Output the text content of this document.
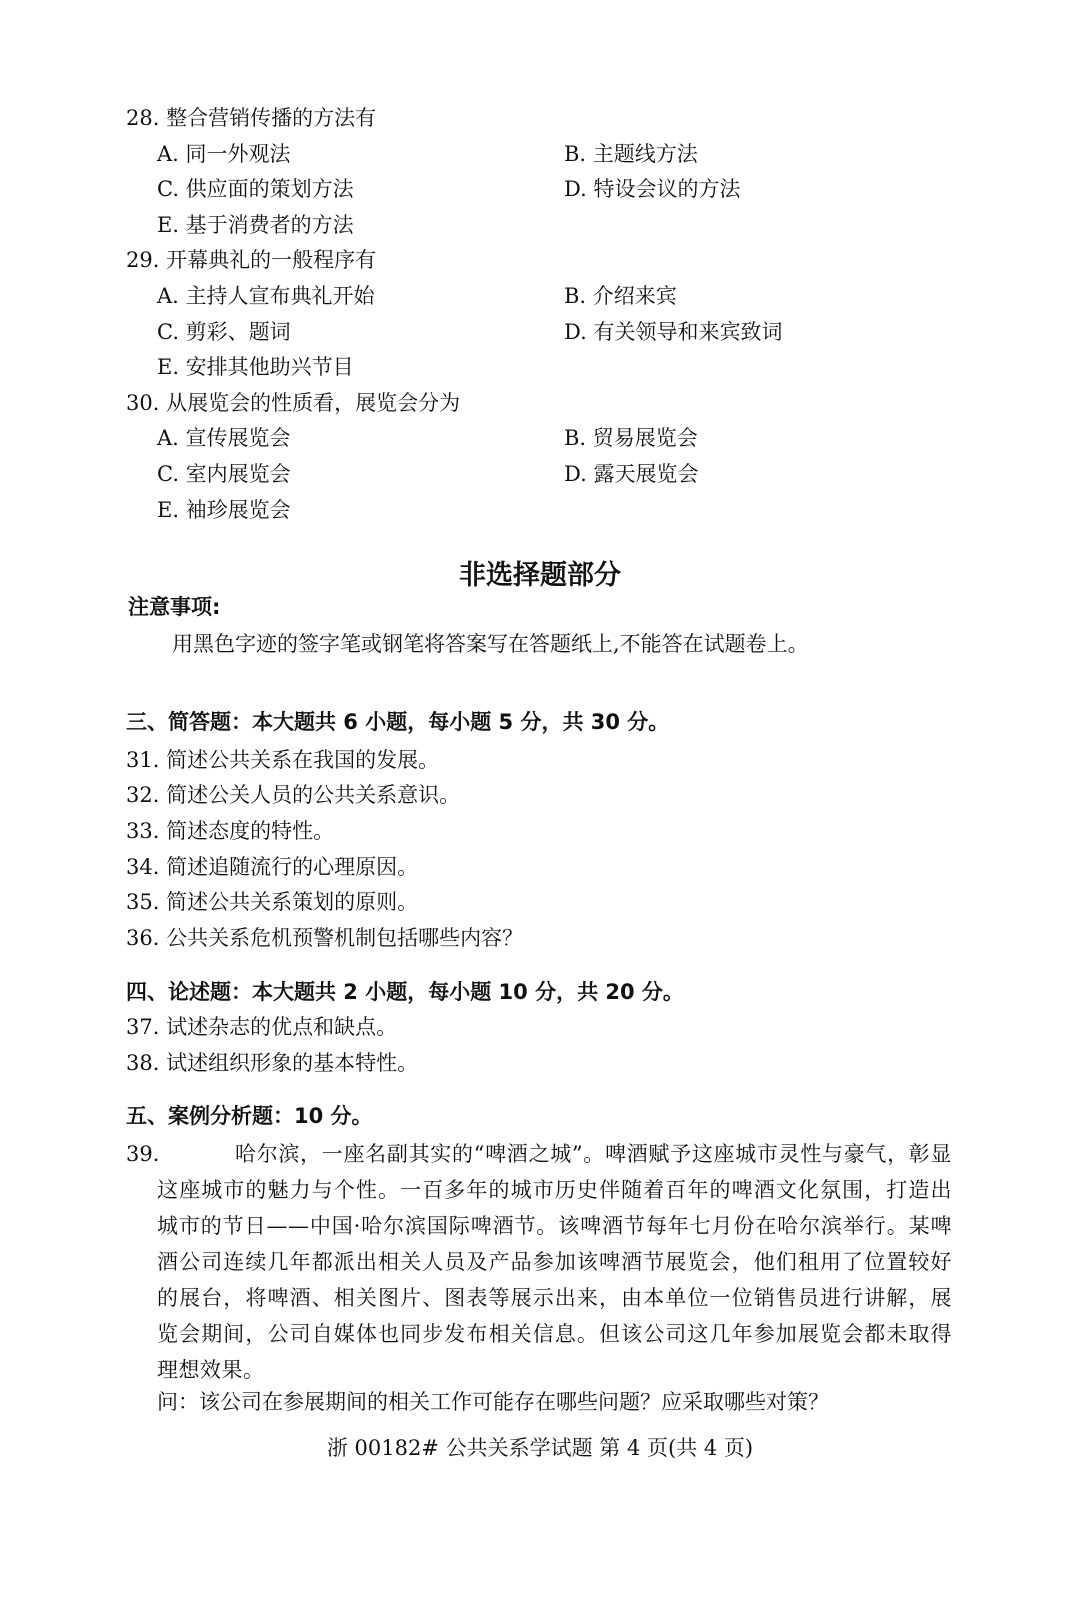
28. 整合营销传播的方法有
A. 同一外观法	B. 主题线方法
C. 供应面的策划方法	D. 特设会议的方法
E. 基于消费者的方法
29. 开幕典礼的一般程序有
A. 主持人宣布典礼开始	B. 介绍来宾
C. 剪彩、题词	D. 有关领导和来宾致词
E. 安排其他助兴节目
30. 从展览会的性质看，展览会分为
A. 宣传展览会	B. 贸易展览会
C. 室内展览会	D. 露天展览会
E. 袖珍展览会
非选择题部分
注意事项:
用黑色字迹的签字笔或钢笔将答案写在答题纸上,不能答在试题卷上。
三、简答题：本大题共 6 小题，每小题 5 分，共 30 分。
31. 简述公共关系在我国的发展。
32. 简述公关人员的公共关系意识。
33. 简述态度的特性。
34. 简述追随流行的心理原因。
35. 简述公共关系策划的原则。
36. 公共关系危机预警机制包括哪些内容？
四、论述题：本大题共 2 小题，每小题 10 分，共 20 分。
37. 试述杂志的优点和缺点。
38. 试述组织形象的基本特性。
五、案例分析题：10 分。
39.	哈尔滨，一座名副其实的“啤酒之城”。啤酒赋予这座城市灵性与豪气，彰显这座城市的魅力与个性。一百多年的城市历史伴随着百年的啤酒文化氛围，打造出城市的节日——中国·哈尔滨国际啤酒节。该啤酒节每年七月份在哈尔滨举行。某啤酒公司连续几年都派出相关人员及产品参加该啤酒节展览会，他们租用了位置较好的展台，将啤酒、相关图片、图表等展示出来，由本单位一位销售员进行讲解，展览会期间，公司自媒体也同步发布相关信息。但该公司这几年参加展览会都未取得理想效果。
问：该公司在参展期间的相关工作可能存在哪些问题？应采取哪些对策？
浙 00182# 公共关系学试题 第 4 页(共 4 页)
